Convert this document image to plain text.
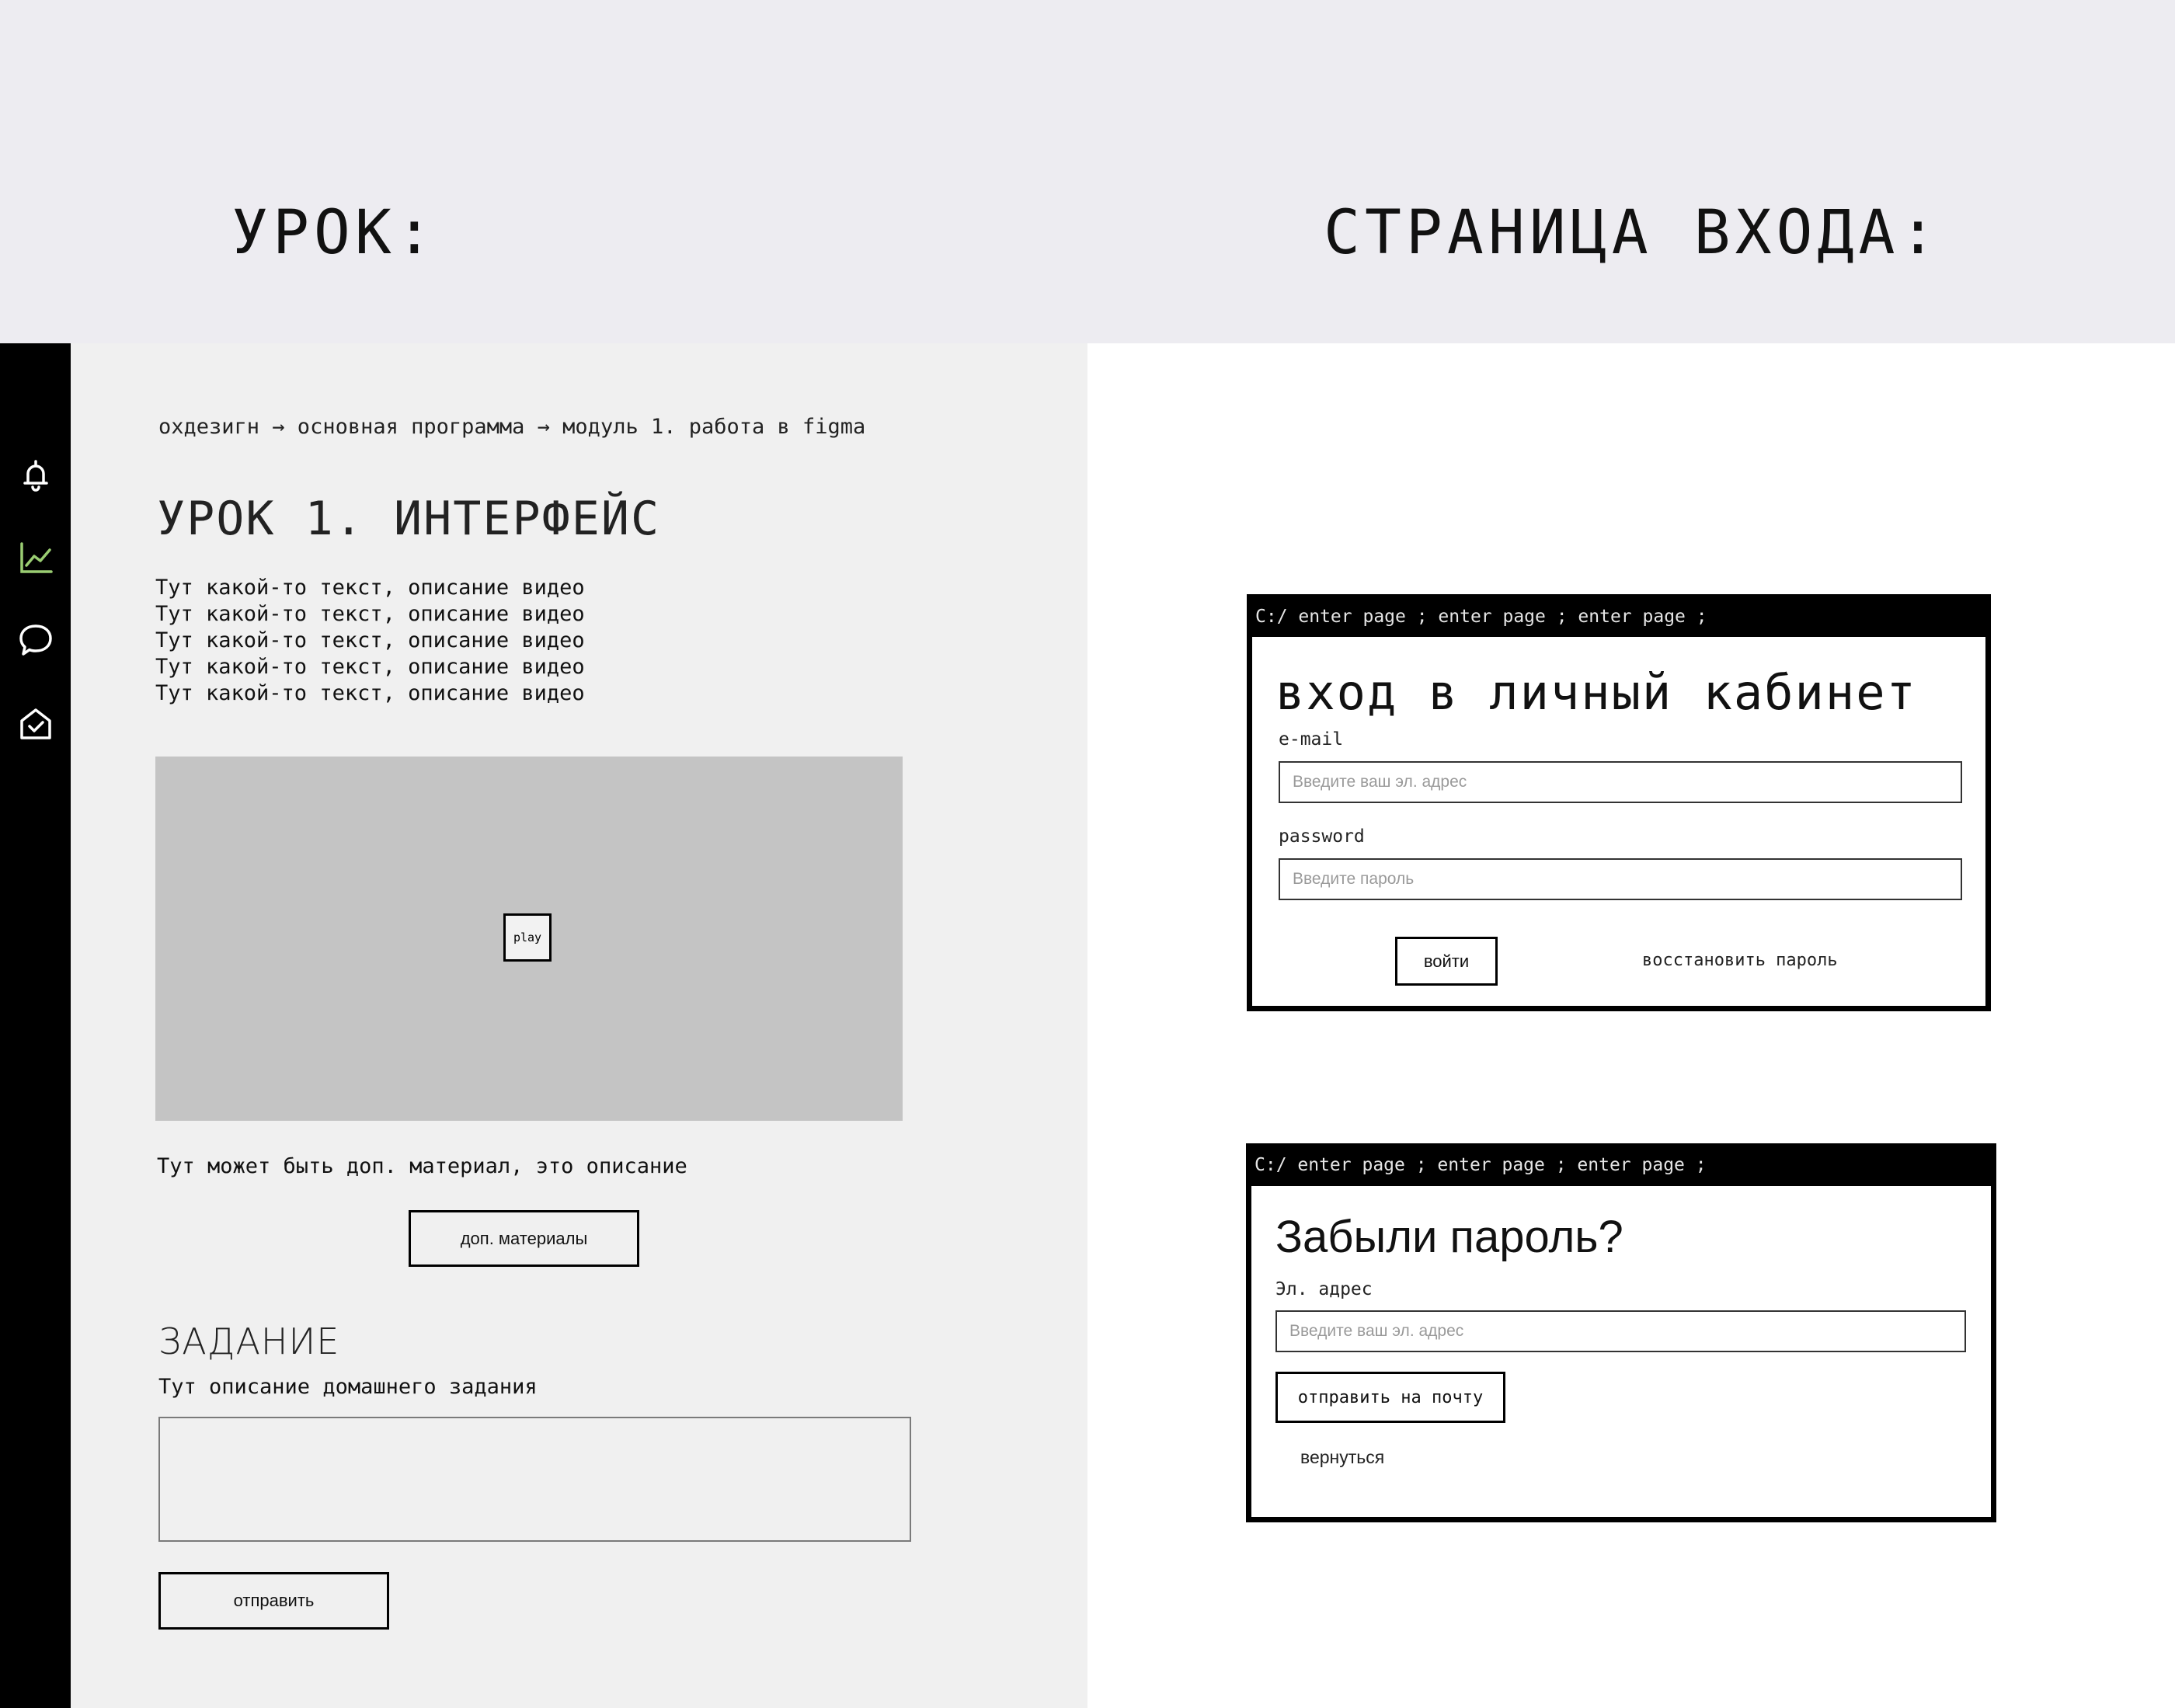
УРОК:	СТРАНИЦА ВХОДА:
охдезигн → основная программа → модуль 1. работа в figma
УРОК 1. ИНТЕРФЕЙС
Тут какой-то текст, описание видео
Тут какой-то текст, описание видео
Тут какой-то текст, описание видео
Тут какой-то текст, описание видео
Тут какой-то текст, описание видео
play
Тут может быть доп. материал, это описание
доп. материалы
ЗАДАНИЕ
Тут описание домашнего задания
отправить
C:/ enter page ; enter page ; enter page ;
вход в личный кабинет
e-mail
Введите ваш эл. адрес
password
войти	восстановить пароль
C:/ enter page ; enter page ; enter page ;
Забыли пароль?
Эл. адрес
Введите ваш эл. адрес
отправить на почту
вернуться
